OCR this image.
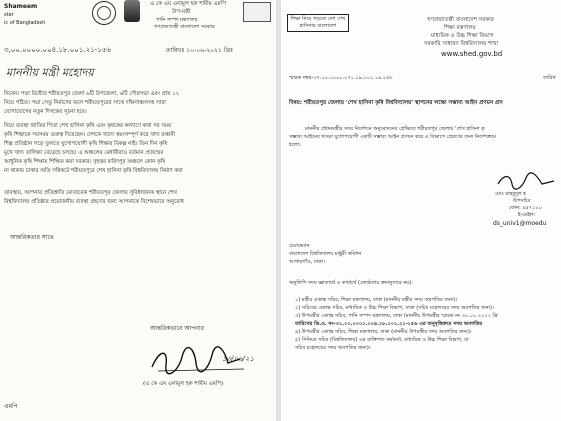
Shameem
ster
ic of Bangladesh
এ কে এম এনামুল হক শামীম এমপি
উপ-মন্ত্রী
পানি সম্পদ মন্ত্রণালয়
গণপ্রজাতন্ত্রী বাংলাদেশ সরকার
৩,০০.০০০০.০০৪.১৮.০০১.২১-১৫৬	তারিখঃ ১০-০৬-২০২১ খ্রিঃ
মাননীয় মন্ত্রী মহোদয়
নিবেন। পদ্মা বিধৌত শরীয়তপুর জেলা ৬টি উপজেলা, ৬টি পৌরসভা এবং প্রায় ১২
নিয়ে গঠিত। পদ্মা সেতু নির্মাণের ফলে শরীয়তপুরের সাথে দক্ষিণাঞ্চলসহ সারা
যোগাযোগের নতুন দিগন্তের সূচনা হবে।
নিয়ে ব্যবস্থা জাতির পিতা শেখ হাসিনা কৃষি এবং কৃষকের কল্যাণে কথা সব সময়
কৃষি শিক্ষাকে সবসময় গুরুত্ব দিয়েছেন। দেশকে খাদ্যে স্বয়ংসম্পূর্ণ করে খাদ্য রপ্তানী
শিল্প প্রতিষ্ঠান গড়ে তুলতে যুগোপযোগী কৃষি শিক্ষার বিকল্প নাই। তিন দিন কৃষি
মুখে খাদ্য তালিকা বেড়েছে চলছে। এ অঞ্চলের মেধাবীরাও বর্তমান প্রজন্মের
আধুনিক কৃষি শিক্ষায় শিক্ষিত করা দরকার। বৃহত্তর ফরিদপুর অঞ্চলে কোন কৃষি
না থাকায় চাকার অতি সন্নিকটে শরীয়তপুরে শেখ হাসিনা কৃষি বিশ্ববিদ্যালয় নির্মাণ করা
তাবস্থায়, আপনার প্রতিশ্রুতি মোতাবেক শরীয়তপুর জেলার সুবিধাজনক স্থানে শেখ
বিশ্ববিদ্যালয় প্রতিষ্ঠার প্রয়োজনীয় ব্যবস্থা গ্রহণের জন্য আপনাকে বিশেষভাবে অনুরোধ
আন্তরিকতার সাথে
আন্তরিকভাবে আপনার
১৩/০৬/২১
(এ কে এম এনামুল হক শামীম এমপি)
এমপি
শিক্ষা নিয়ে গড়বো দেশ শেখ হাসিনার বাংলাদেশ
গণপ্রজাতন্ত্রী বাংলাদেশ সরকার
শিক্ষা মন্ত্রণালয়
মাধ্যমিক ও উচ্চ শিক্ষা বিভাগ
সরকারি সাধারণ বিশ্ববিদ্যালয় শাখা
www.shed.gov.bd
স্মারক নম্বর-৩৭.০০.০০০০.০৭১.১৯.০০১.১৯.২৫৮	তারিখ
বিষয়: শরীয়তপুর জেলায় 'শেখ হাসিনা কৃষি বিশ্ববিদ্যালয়' স্থাপনের লক্ষ্যে সম্ভাব্য আইন প্রণয়ন প্রস
মাননীয় প্রধানমন্ত্রীর সদয় নির্দেশনে অনুমোদনের প্রেক্ষিতে শরীয়তপুর জেলায় 'শেখ হাসিনা কৃ
সম্ভাব্য আইনের খসড়া যুগোপযোগী একটি সম্ভাব্য আইন প্রণয়ন করে এ বিভাগে প্রেরণের জন্য নির্দেশক্রমে
হলো।
মোঃ মাহমুদুল হ
উপসচিব
ফোন: ৯৫৭১০০
ই-মেইল:
ds_univ1@moedu
চেয়ারম্যান
বাংলাদেশ বিশ্ববিদ্যালয় মঞ্জুরী কমিশন
আগারগাঁও, ঢাকা।
অনুলিপি সদয় জ্ঞাতার্থে ও কার্যার্থে (জ্যেষ্ঠতার ক্রমানুসারে নয়):
১) মন্ত্রীর একান্ত সচিব, শিক্ষা মন্ত্রণালয়, ঢাকা (মাননীয় মন্ত্রীর সদয় অবগতির জন্য)।
২) সচিবের একান্ত সচিব, মাধ্যমিক ও উচ্চ শিক্ষা বিভাগ, ঢাকা (সচিব মহোদয়ের সদয় অবগতির জন্য)।
৩) উপমন্ত্রীর একান্ত সচিব, পানি সম্পদ মন্ত্রণালয়, ঢাকা (মাননীয় উপমন্ত্রীর স্মারক নং ৩০.০০.২০২১ খ্রি
তারিখের ডি.ও. নং-৩১.০০.০০০০.০০৪.১৮.০০১.২১-১৫৬ এর অনুবৃত্তিক্রমে সদয় অবগতির
৪) উপমন্ত্রীর একান্ত সচিব, শিক্ষা মন্ত্রণালয়, ঢাকা (মাননীয় উপমন্ত্রীর সদয় অবগতির জন্য)।
৫) সিনিয়র সচিব (বিশ্ববিদ্যালয়) এর ব্যক্তিগত কর্মকর্তা, মাধ্যমিক ও উচ্চ শিক্ষা বিভাগ, ঢা
সচিব মহোদয়ের সদয় অবগতির জন্য)।
